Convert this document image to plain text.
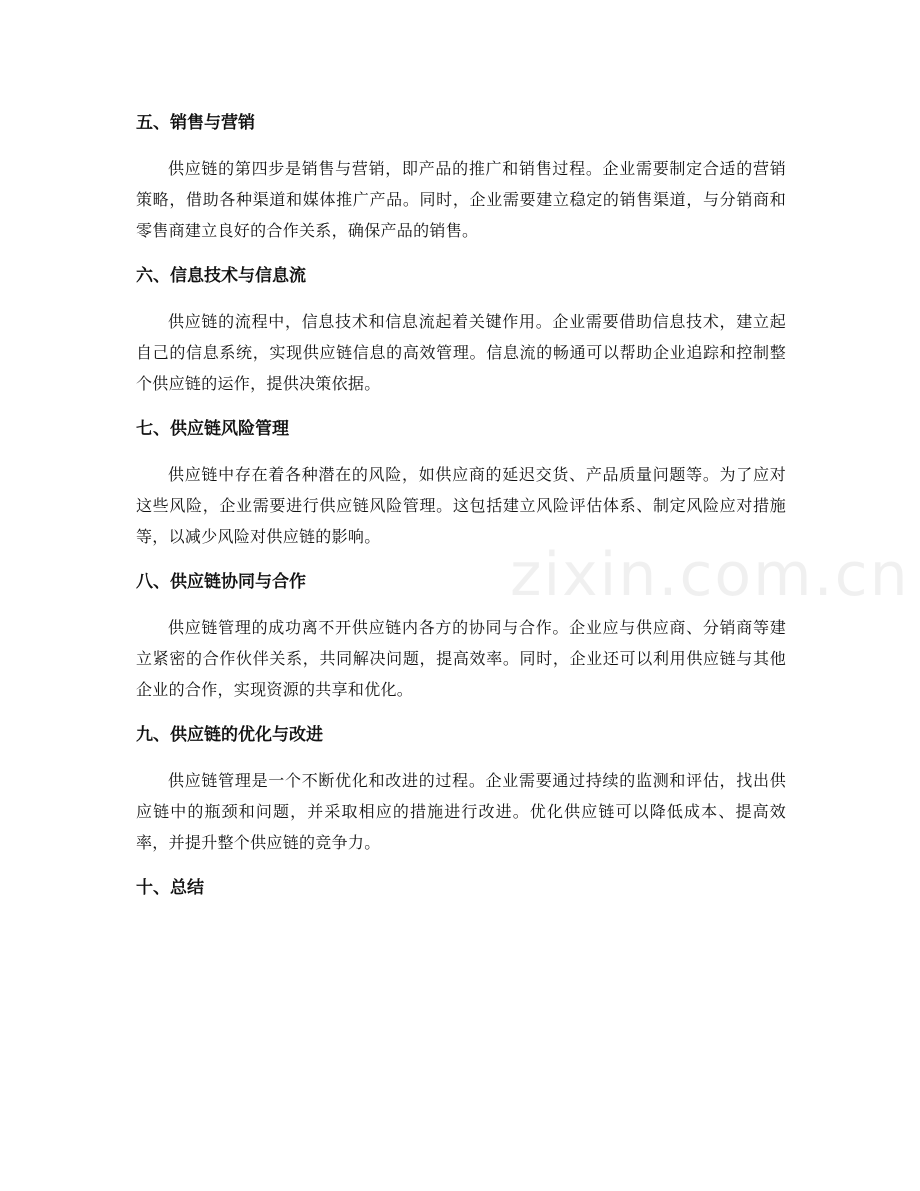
zixin.com.cn
五、销售与营销

供应链的第四步是销售与营销，即产品的推广和销售过程。企业需要制定合适的营销策略，借助各种渠道和媒体推广产品。同时，企业需要建立稳定的销售渠道，与分销商和零售商建立良好的合作关系，确保产品的销售。

六、信息技术与信息流

供应链的流程中，信息技术和信息流起着关键作用。企业需要借助信息技术，建立起自己的信息系统，实现供应链信息的高效管理。信息流的畅通可以帮助企业追踪和控制整个供应链的运作，提供决策依据。

七、供应链风险管理

供应链中存在着各种潜在的风险，如供应商的延迟交货、产品质量问题等。为了应对这些风险，企业需要进行供应链风险管理。这包括建立风险评估体系、制定风险应对措施等，以减少风险对供应链的影响。

八、供应链协同与合作

供应链管理的成功离不开供应链内各方的协同与合作。企业应与供应商、分销商等建立紧密的合作伙伴关系，共同解决问题，提高效率。同时，企业还可以利用供应链与其他企业的合作，实现资源的共享和优化。

九、供应链的优化与改进

供应链管理是一个不断优化和改进的过程。企业需要通过持续的监测和评估，找出供应链中的瓶颈和问题，并采取相应的措施进行改进。优化供应链可以降低成本、提高效率，并提升整个供应链的竞争力。

十、总结
